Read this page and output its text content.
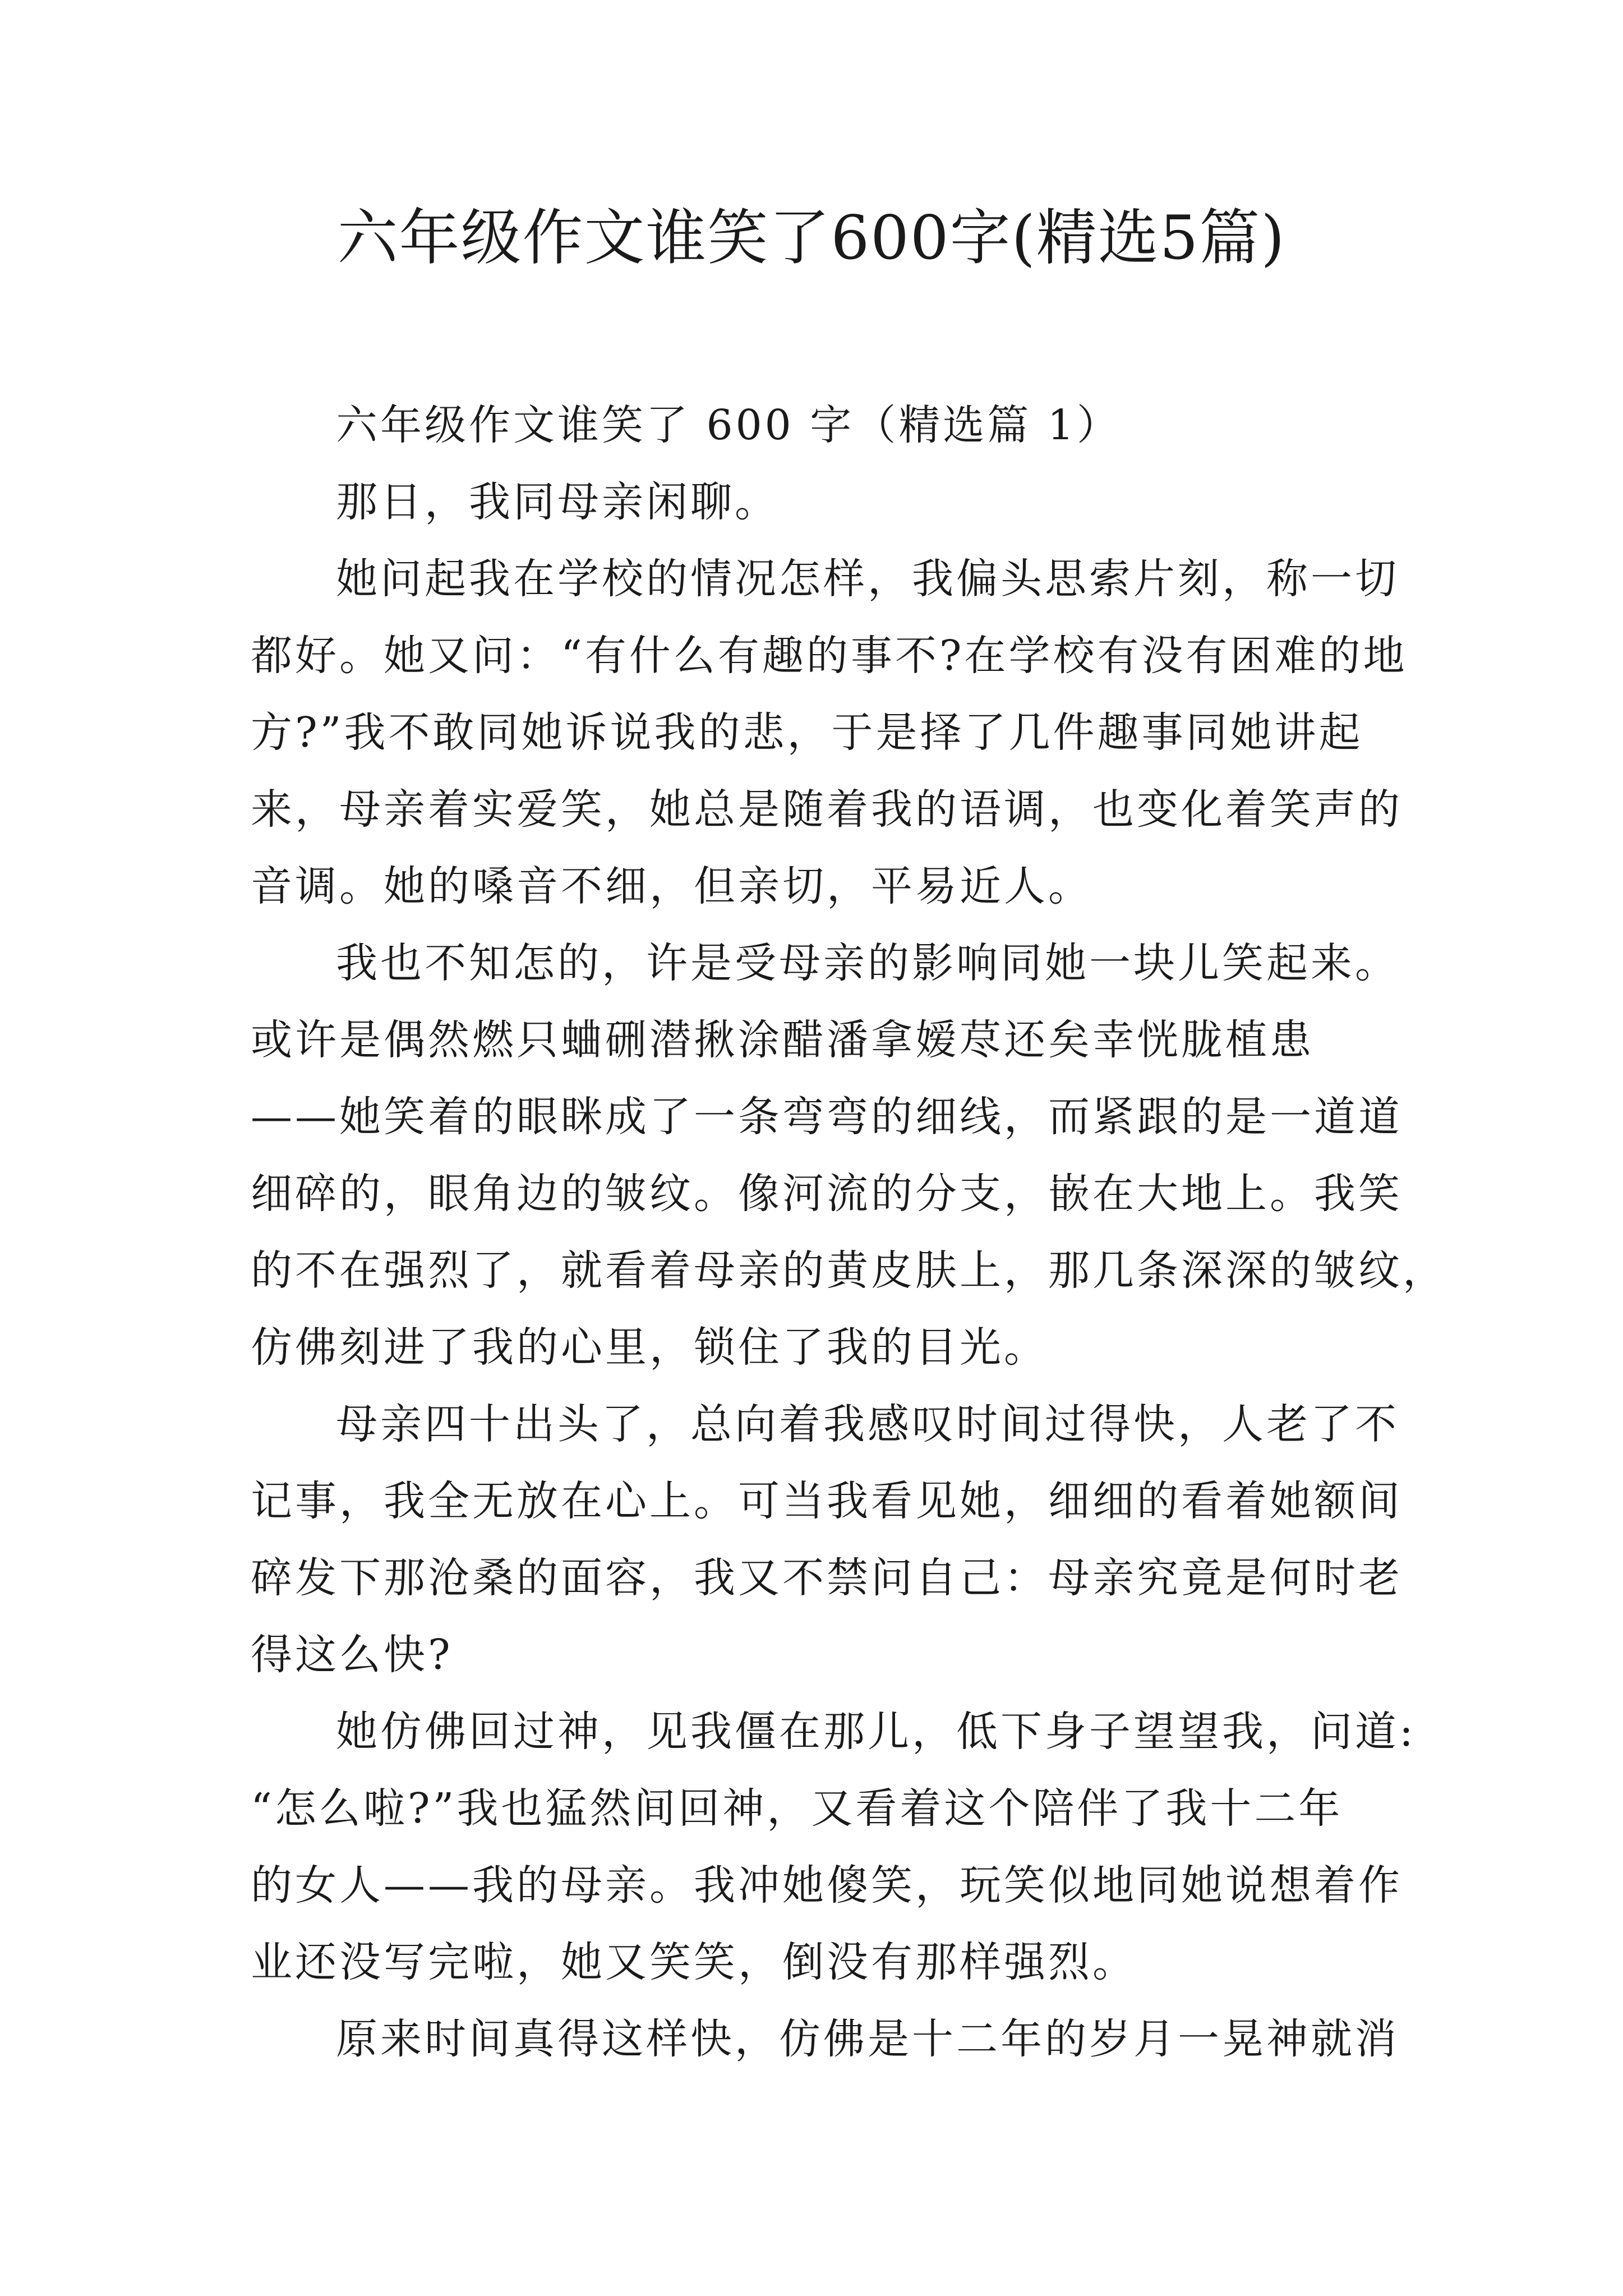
六年级作文谁笑了600字(精选5篇)
六年级作文谁笑了 600 字（精选篇 1）
那日，我同母亲闲聊。
她问起我在学校的情况怎样，我偏头思索片刻，称一切
都好。她又问：“有什么有趣的事不?在学校有没有困难的地
方?”我不敢同她诉说我的悲，于是择了几件趣事同她讲起
来，母亲着实爱笑，她总是随着我的语调，也变化着笑声的
音调。她的嗓音不细，但亲切，平易近人。
我也不知怎的，许是受母亲的影响同她一块儿笑起来。
或许是偶然燃只蛐硎潜揪涂醋潘拿嫒荩还矣幸恍胧植患
——她笑着的眼眯成了一条弯弯的细线，而紧跟的是一道道
细碎的，眼角边的皱纹。像河流的分支，嵌在大地上。我笑
的不在强烈了，就看着母亲的黄皮肤上，那几条深深的皱纹，
仿佛刻进了我的心里，锁住了我的目光。
母亲四十出头了，总向着我感叹时间过得快，人老了不
记事，我全无放在心上。可当我看见她，细细的看着她额间
碎发下那沧桑的面容，我又不禁问自己：母亲究竟是何时老
得这么快?
她仿佛回过神，见我僵在那儿，低下身子望望我，问道:
“怎么啦?”我也猛然间回神，又看着这个陪伴了我十二年
的女人——我的母亲。我冲她傻笑，玩笑似地同她说想着作
业还没写完啦，她又笑笑，倒没有那样强烈。
原来时间真得这样快，仿佛是十二年的岁月一晃神就消
